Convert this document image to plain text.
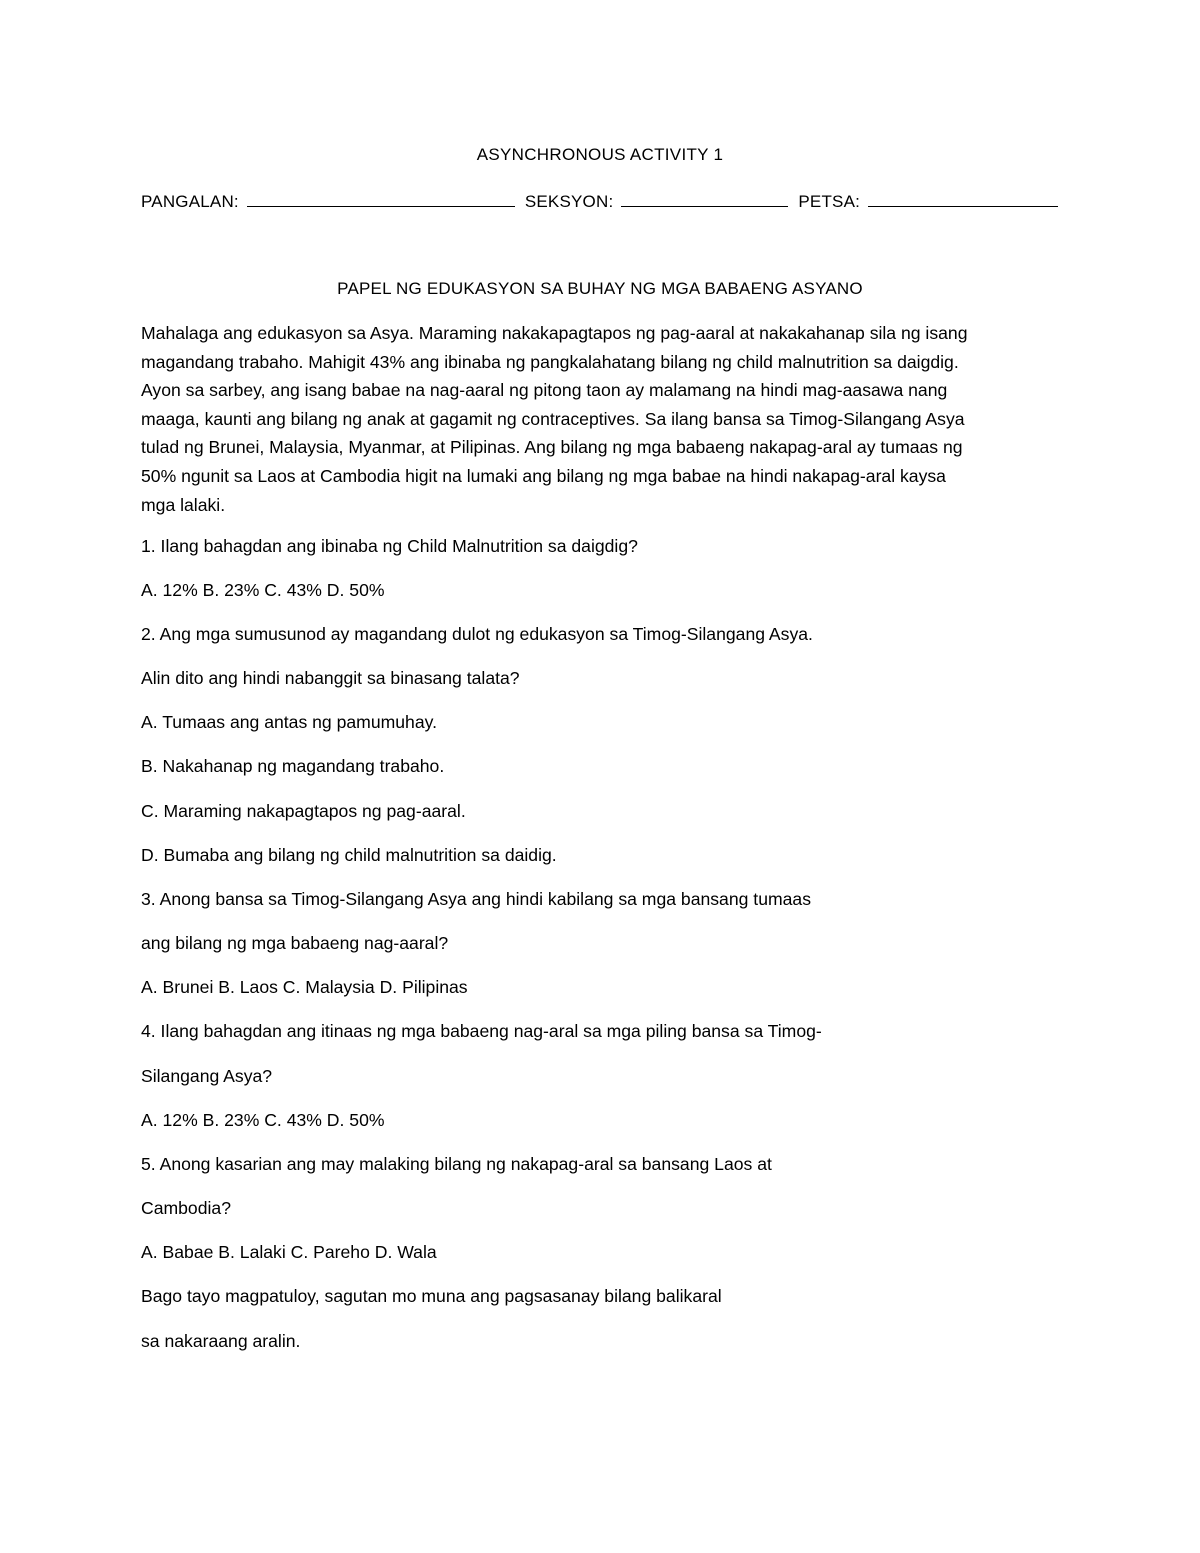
ASYNCHRONOUS ACTIVITY 1
PANGALAN:	SEKSYON:	PETSA:
PAPEL NG EDUKASYON SA BUHAY NG MGA BABAENG ASYANO
Mahalaga ang edukasyon sa Asya. Maraming nakakapagtapos ng pag-aaral at nakakahanap sila ng isang
magandang trabaho. Mahigit 43% ang ibinaba ng pangkalahatang bilang ng child malnutrition sa daigdig.
Ayon sa sarbey, ang isang babae na nag-aaral ng pitong taon ay malamang na hindi mag-aasawa nang
maaga, kaunti ang bilang ng anak at gagamit ng contraceptives. Sa ilang bansa sa Timog-Silangang Asya
tulad ng Brunei, Malaysia, Myanmar, at Pilipinas. Ang bilang ng mga babaeng nakapag-aral ay tumaas ng
50% ngunit sa Laos at Cambodia higit na lumaki ang bilang ng mga babae na hindi nakapag-aral kaysa
mga lalaki.

1. Ilang bahagdan ang ibinaba ng Child Malnutrition sa daigdig?

A. 12% B. 23% C. 43% D. 50%

2. Ang mga sumusunod ay magandang dulot ng edukasyon sa Timog-Silangang Asya.

Alin dito ang hindi nabanggit sa binasang talata?

A. Tumaas ang antas ng pamumuhay.

B. Nakahanap ng magandang trabaho.

C. Maraming nakapagtapos ng pag-aaral.

D. Bumaba ang bilang ng child malnutrition sa daidig.

3. Anong bansa sa Timog-Silangang Asya ang hindi kabilang sa mga bansang tumaas

ang bilang ng mga babaeng nag-aaral?

A. Brunei B. Laos C. Malaysia D. Pilipinas

4. Ilang bahagdan ang itinaas ng mga babaeng nag-aral sa mga piling bansa sa Timog-

Silangang Asya?

A. 12% B. 23% C. 43% D. 50%

5. Anong kasarian ang may malaking bilang ng nakapag-aral sa bansang Laos at

Cambodia?

A. Babae B. Lalaki C. Pareho D. Wala

Bago tayo magpatuloy, sagutan mo muna ang pagsasanay bilang balikaral

sa nakaraang aralin.
